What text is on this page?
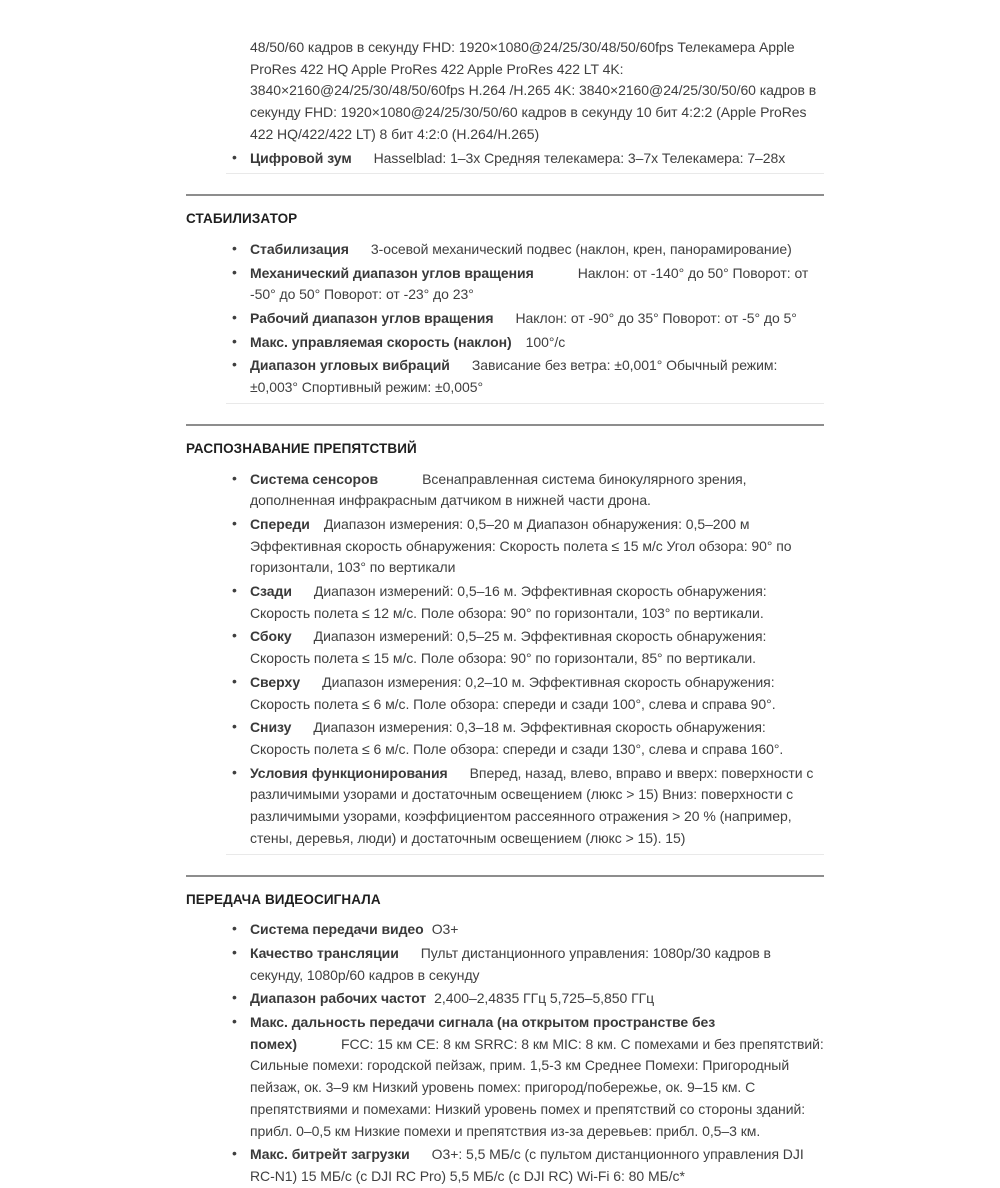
48/50/60 кадров в секунду FHD: 1920×1080@24/25/30/48/50/60fps Телекамера Apple ProRes 422 HQ Apple ProRes 422 Apple ProRes 422 LT 4K: 3840×2160@24/25/30/48/50/60fps H.264 /H.265 4K: 3840×2160@24/25/30/50/60 кадров в секунду FHD: 1920×1080@24/25/30/50/60 кадров в секунду 10 бит 4:2:2 (Apple ProRes 422 HQ/422/422 LT) 8 бит 4:2:0 (H.264/H.265)

• Цифровой зум Hasselblad: 1–3x Средняя телекамера: 3–7x Телекамера: 7–28x
СТАБИЛИЗАТОР
• Стабилизация 3-осевой механический подвес (наклон, крен, панорамирование)
• Механический диапазон углов вращения	Наклон: от -140° до 50° Поворот: от -50° до 50° Поворот: от -23° до 23°
• Рабочий диапазон углов вращения Наклон: от -90° до 35° Поворот: от -5° до 5°
• Макс. управляемая скорость (наклон) 100°/с
• Диапазон угловых вибраций Зависание без ветра: ±0,001° Обычный режим: ±0,003° Спортивный режим: ±0,005°
РАСПОЗНАВАНИЕ ПРЕПЯТСТВИЙ
• Система сенсоров	Всенаправленная система бинокулярного зрения, дополненная инфракрасным датчиком в нижней части дрона.
• Спереди Диапазон измерения: 0,5–20 м Диапазон обнаружения: 0,5–200 м Эффективная скорость обнаружения: Скорость полета ≤ 15 м/с Угол обзора: 90° по горизонтали, 103° по вертикали
• Сзади Диапазон измерений: 0,5–16 м. Эффективная скорость обнаружения: Скорость полета ≤ 12 м/с. Поле обзора: 90° по горизонтали, 103° по вертикали.
• Сбоку Диапазон измерений: 0,5–25 м. Эффективная скорость обнаружения: Скорость полета ≤ 15 м/с. Поле обзора: 90° по горизонтали, 85° по вертикали.
• Сверху Диапазон измерения: 0,2–10 м. Эффективная скорость обнаружения: Скорость полета ≤ 6 м/с. Поле обзора: спереди и сзади 100°, слева и справа 90°.
• Снизу Диапазон измерения: 0,3–18 м. Эффективная скорость обнаружения: Скорость полета ≤ 6 м/с. Поле обзора: спереди и сзади 130°, слева и справа 160°.
• Условия функционирования Вперед, назад, влево, вправо и вверх: поверхности с различимыми узорами и достаточным освещением (люкс > 15) Вниз: поверхности с различимыми узорами, коэффициентом рассеянного отражения > 20 % (например, стены, деревья, люди) и достаточным освещением (люкс > 15). 15)
ПЕРЕДАЧА ВИДЕОСИГНАЛА
• Система передачи видео O3+
• Качество трансляции Пульт дистанционного управления: 1080p/30 кадров в секунду, 1080p/60 кадров в секунду
• Диапазон рабочих частот 2,400–2,4835 ГГц 5,725–5,850 ГГц
• Макс. дальность передачи сигнала (на открытом пространстве без помех)	FCC: 15 км CE: 8 км SRRC: 8 км MIC: 8 км. С помехами и без препятствий: Сильные помехи: городской пейзаж, прим. 1,5-3 км Среднее Помехи: Пригородный пейзаж, ок. 3–9 км Низкий уровень помех: пригород/побережье, ок. 9–15 км. С препятствиями и помехами: Низкий уровень помех и препятствий со стороны зданий: прибл. 0–0,5 км Низкие помехи и препятствия из-за деревьев: прибл. 0,5–3 км.
• Макс. битрейт загрузки O3+: 5,5 МБ/с (с пультом дистанционного управления DJI RC-N1) 15 МБ/с (с DJI RC Pro) 5,5 МБ/с (с DJI RC) Wi-Fi 6: 80 МБ/с*
